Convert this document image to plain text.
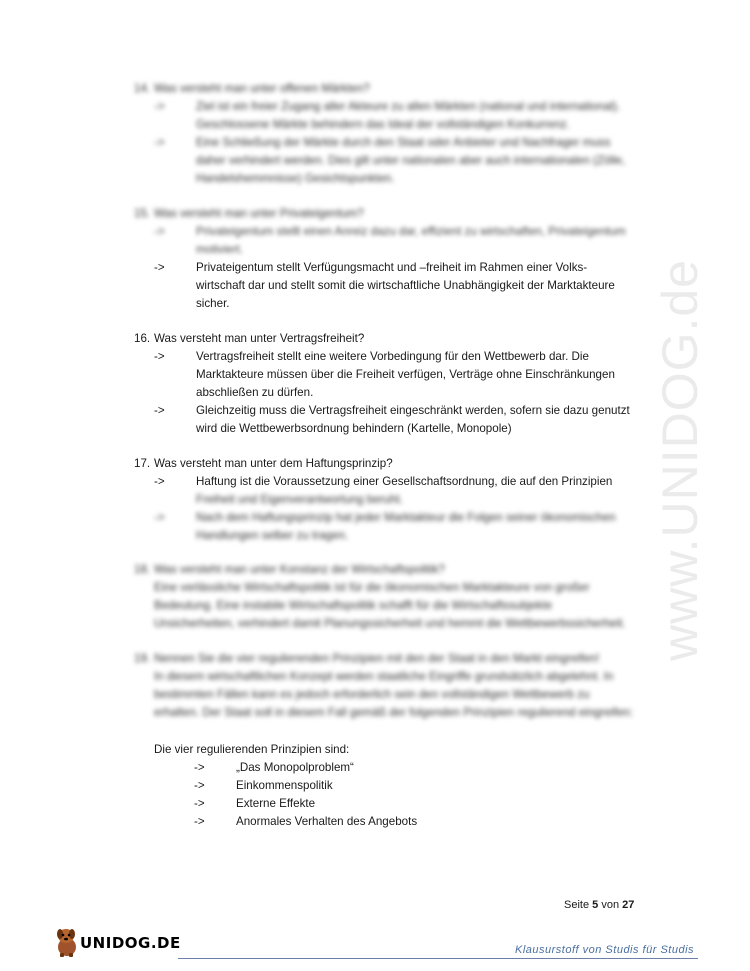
www.UNIDOG.de
14. Was versteht man unter offenen Märkten?
->	Ziel ist ein freier Zugang aller Akteure zu allen Märkten (national und international). Geschlossene Märkte behindern das Ideal der vollständigen Konkurrenz.
->	Eine Schließung der Märkte durch den Staat oder Anbieter und Nachfrager muss daher verhindert werden. Dies gilt unter nationalen aber auch internationalen (Zölle, Handelshemmnisse) Gesichtspunkten.
15. Was versteht man unter Privateigentum?
->	Privateigentum stellt einen Anreiz dazu dar, effizient zu wirtschaften, Privateigentum motiviert.
->	Privateigentum stellt Verfügungsmacht und –freiheit im Rahmen einer Volks-wirtschaft dar und stellt somit die wirtschaftliche Unabhängigkeit der Marktakteure sicher.
16. Was versteht man unter Vertragsfreiheit?
->	Vertragsfreiheit stellt eine weitere Vorbedingung für den Wettbewerb dar. Die Marktakteure müssen über die Freiheit verfügen, Verträge ohne Einschränkungen abschließen zu dürfen.
->	Gleichzeitig muss die Vertragsfreiheit eingeschränkt werden, sofern sie dazu genutzt wird die Wettbewerbsordnung behindern (Kartelle, Monopole)
17. Was versteht man unter dem Haftungsprinzip?
->	Haftung ist die Voraussetzung einer Gesellschaftsordnung, die auf den Prinzipien
Freiheit und Eigenverantwortung beruht.
->	Nach dem Haftungsprinzip hat jeder Marktakteur die Folgen seiner ökonomischen Handlungen selber zu tragen.
18. Was versteht man unter Konstanz der Wirtschaftspolitik?
Eine verlässliche Wirtschaftspolitik ist für die ökonomischen Marktakteure von großer Bedeutung. Eine instabile Wirtschaftspolitik schafft für die Wirtschaftssubjekte Unsicherheiten, verhindert damit Planungssicherheit und hemmt die Wettbewerbssicherheit.
19. Nennen Sie die vier regulierenden Prinzipien mit den der Staat in den Markt eingreifen!
In diesem wirtschaftlichen Konzept werden staatliche Eingriffe grundsätzlich abgelehnt. In bestimmten Fällen kann es jedoch erforderlich sein den vollständigen Wettbewerb zu erhalten. Der Staat soll in diesem Fall gemäß der folgenden Prinzipien regulierend eingreifen:
Die vier regulierenden Prinzipien sind:
->	„Das Monopolproblem“
->	Einkommenspolitik
->	Externe Effekte
->	Anormales Verhalten des Angebots
Seite 5 von 27
UNIDOG.DE	Klausurstoff von Studis für Studis
